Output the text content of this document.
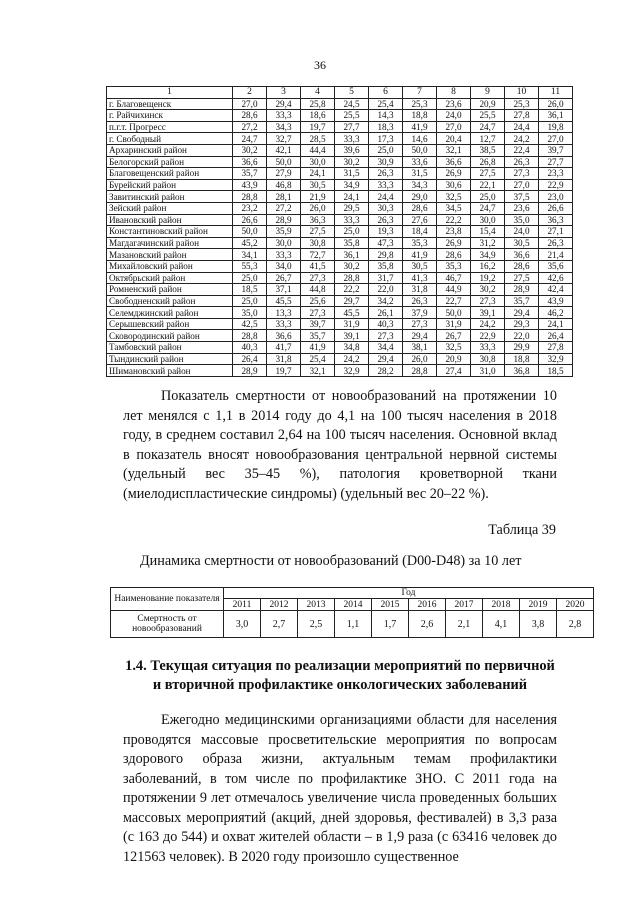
36
1	2	3	4	5	6	7	8	9	10	11
г. Благовещенск	27,0	29,4	25,8	24,5	25,4	25,3	23,6	20,9	25,3	26,0
г. Райчихинск	28,6	33,3	18,6	25,5	14,3	18,8	24,0	25,5	27,8	36,1
п.г.т. Прогресс	27,2	34,3	19,7	27,7	18,3	41,9	27,0	24,7	24,4	19,8
г. Свободный	24,7	32,7	28,5	33,3	17,3	14,6	20,4	12,7	24,2	27,0
Архаринский район	30,2	42,1	44,4	39,6	25,0	50,0	32,1	38,5	22,4	39,7
Белогорский район	36,6	50,0	30,0	30,2	30,9	33,6	36,6	26,8	26,3	27,7
Благовещенский район	35,7	27,9	24,1	31,5	26,3	31,5	26,9	27,5	27,3	23,3
Бурейский район	43,9	46,8	30,5	34,9	33,3	34,3	30,6	22,1	27,0	22,9
Завитинский район	28,8	28,1	21,9	24,1	24,4	29,0	32,5	25,0	37,5	23,0
Зейский район	23,2	27,2	26,0	29,5	30,3	28,6	34,5	24,7	23,6	26,6
Ивановский район	26,6	28,9	36,3	33,3	26,3	27,6	22,2	30,0	35,0	36,3
Константиновский район	50,0	35,9	27,5	25,0	19,3	18,4	23,8	15,4	24,0	27,1
Магдагачинский район	45,2	30,0	30,8	35,8	47,3	35,3	26,9	31,2	30,5	26,3
Мазановский район	34,1	33,3	72,7	36,1	29,8	41,9	28,6	34,9	36,6	21,4
Михайловский район	55,3	34,0	41,5	30,2	35,8	30,5	35,3	16,2	28,6	35,6
Октябрьский район	25,0	26,7	27,3	28,8	31,7	41,3	46,7	19,2	27,5	42,6
Ромненский район	18,5	37,1	44,8	22,2	22,0	31,8	44,9	30,2	28,9	42,4
Свободненский район	25,0	45,5	25,6	29,7	34,2	26,3	22,7	27,3	35,7	43,9
Селемджинский район	35,0	13,3	27,3	45,5	26,1	37,9	50,0	39,1	29,4	46,2
Серышевский район	42,5	33,3	39,7	31,9	40,3	27,3	31,9	24,2	29,3	24,1
Сковородинский район	28,8	36,6	35,7	39,1	27,3	29,4	26,7	22,9	22,0	26,4
Тамбовский район	40,3	41,7	41,9	34,8	34,4	38,1	32,5	33,3	29,9	27,8
Тындинский район	26,4	31,8	25,4	24,2	29,4	26,0	20,9	30,8	18,8	32,9
Шимановский район	28,9	19,7	32,1	32,9	28,2	28,8	27,4	31,0	36,8	18,5
Показатель смертности от новообразований на протяжении 10 лет менялся с 1,1 в 2014 году до 4,1 на 100 тысяч населения в 2018 году, в среднем составил 2,64 на 100 тысяч населения. Основной вклад в показатель вносят новообразования центральной нервной системы (удельный вес 35–45 %), патология кроветворной ткани (миелодиспластические синдромы) (удельный вес 20–22 %).
Таблица 39
Динамика смертности от новообразований (D00-D48) за 10 лет
Наименование показателя	Год									
	2011	2012	2013	2014	2015	2016	2017	2018	2019	2020
Смертность от новообразований	3,0	2,7	2,5	1,1	1,7	2,6	2,1	4,1	3,8	2,8
1.4. Текущая ситуация по реализации мероприятий по первичной
и вторичной профилактике онкологических заболеваний
Ежегодно медицинскими организациями области для населения проводятся массовые просветительские мероприятия по вопросам здорового образа жизни, актуальным темам профилактики заболеваний, в том числе по профилактике ЗНО. С 2011 года на протяжении 9 лет отмечалось увеличение числа проведенных больших массовых мероприятий (акций, дней здоровья, фестивалей) в 3,3 раза (с 163 до 544) и охват жителей области – в 1,9 раза (с 63416 человек до 121563 человек). В 2020 году произошло существенное
